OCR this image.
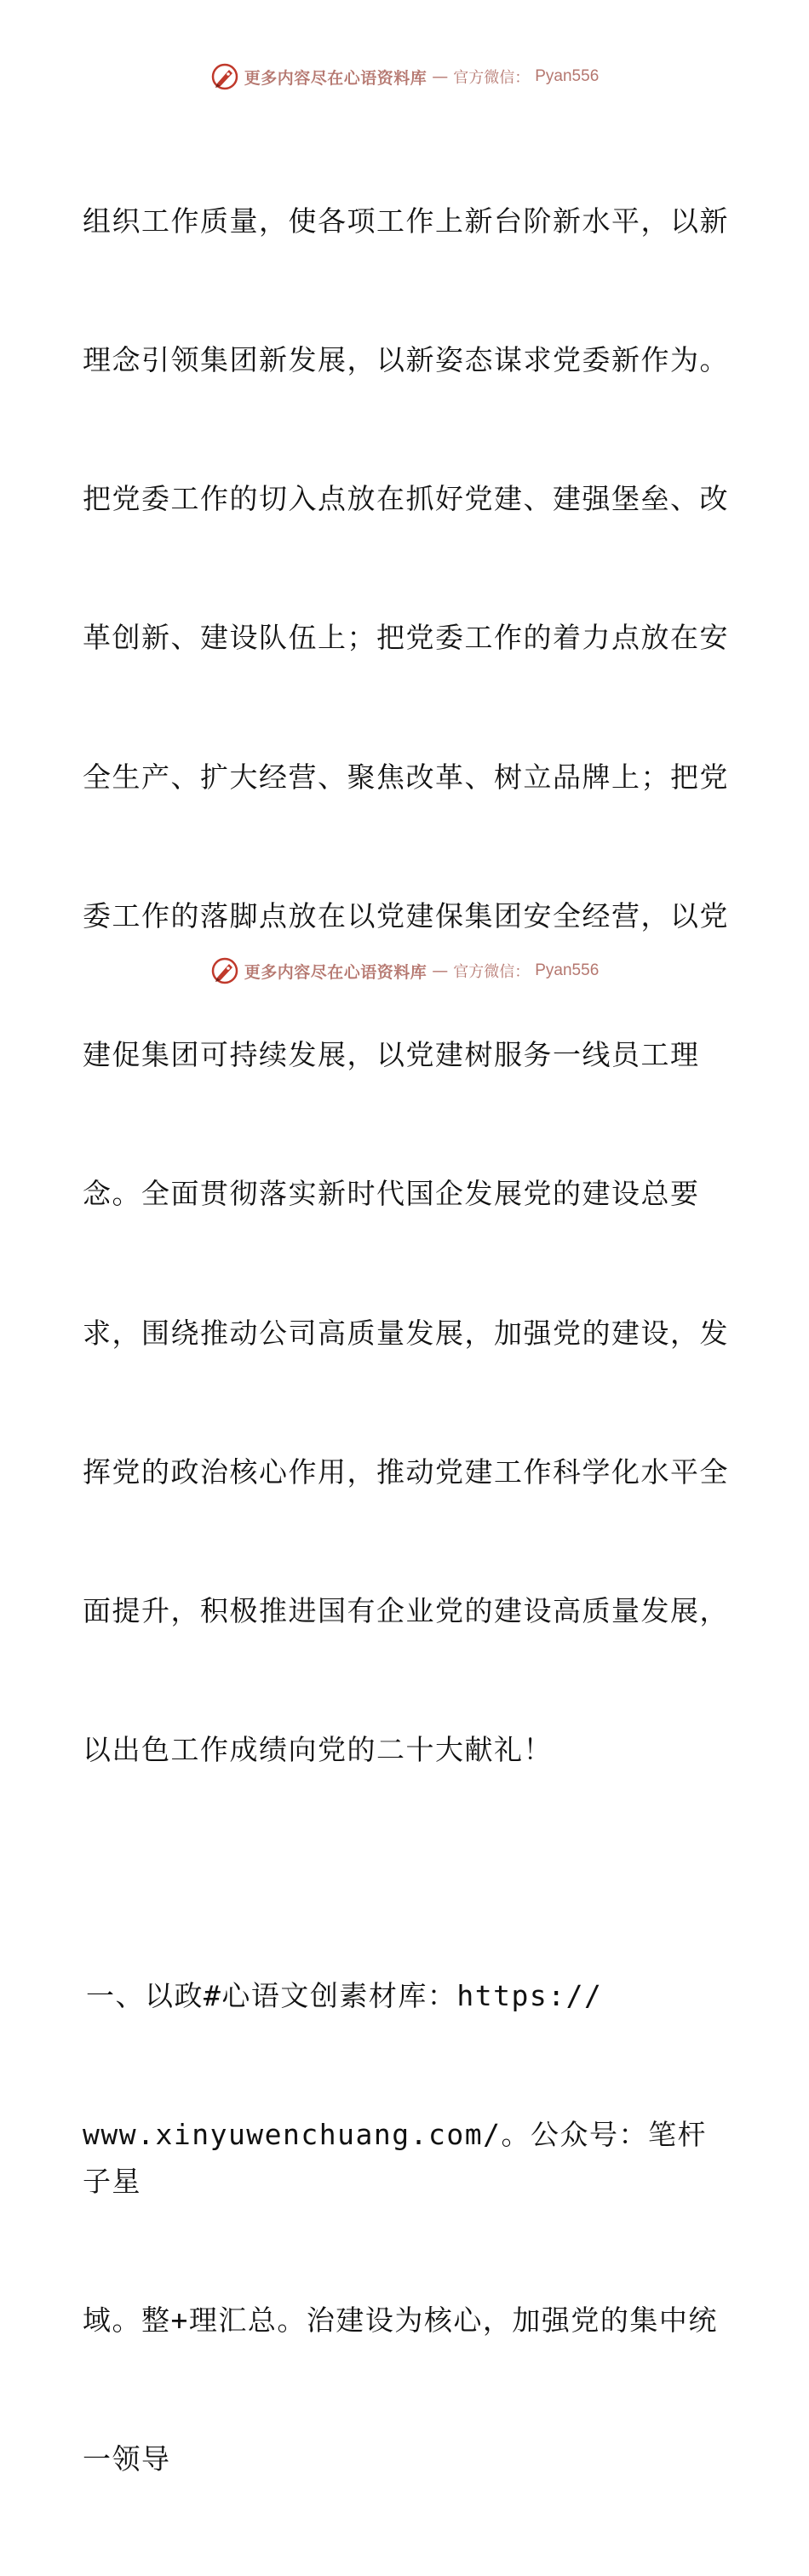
更多内容尽在心语资料库 — 官方微信： Pyan556

组织工作质量，使各项工作上新台阶新水平，以新

理念引领集团新发展，以新姿态谋求党委新作为。

把党委工作的切入点放在抓好党建、建强堡垒、改

革创新、建设队伍上；把党委工作的着力点放在安

全生产、扩大经营、聚焦改革、树立品牌上；把党

委工作的落脚点放在以党建保集团安全经营，以党

建促集团可持续发展，以党建树服务一线员工理

念。全面贯彻落实新时代国企发展党的建设总要

求，围绕推动公司高质量发展，加强党的建设，发

挥党的政治核心作用，推动党建工作科学化水平全

面提升，积极推进国有企业党的建设高质量发展，

以出色工作成绩向党的二十大献礼！

一、以政#心语文创素材库：https://

www.xinyuwenchuang.com/。公众号：笔杆子星

域。整+理汇总。治建设为核心，加强党的集中统

一领导

更多内容尽在心语资料库 — 官方微信： Pyan556
